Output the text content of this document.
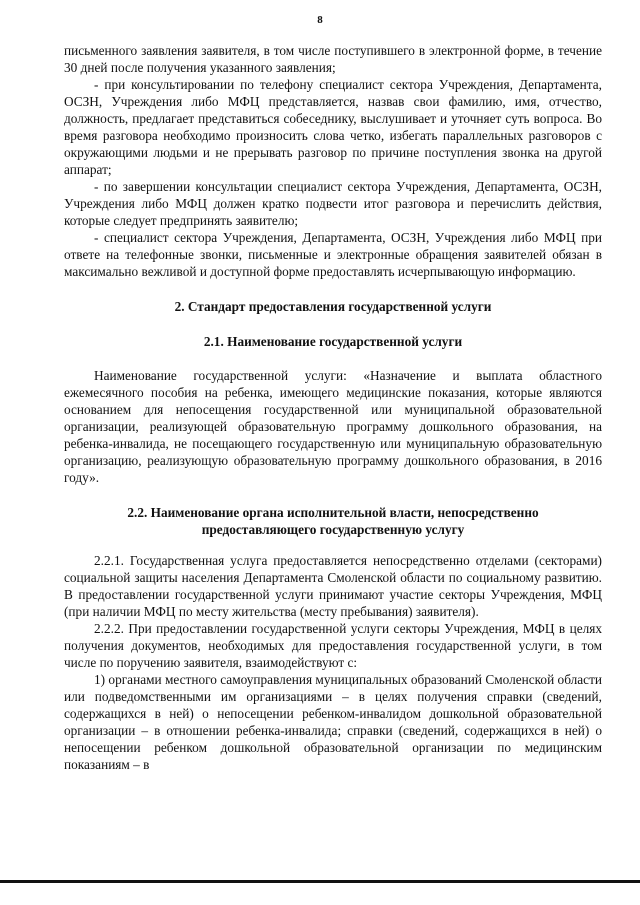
8

письменного заявления заявителя, в том числе поступившего в электронной форме, в течение 30 дней после получения указанного заявления;

- при консультировании по телефону специалист сектора Учреждения, Департамента, ОСЗН, Учреждения либо МФЦ представляется, назвав свои фамилию, имя, отчество, должность, предлагает представиться собеседнику, выслушивает и уточняет суть вопроса. Во время разговора необходимо произносить слова четко, избегать параллельных разговоров с окружающими людьми и не прерывать разговор по причине поступления звонка на другой аппарат;

- по завершении консультации специалист сектора Учреждения, Департамента, ОСЗН, Учреждения либо МФЦ должен кратко подвести итог разговора и перечислить действия, которые следует предпринять заявителю;

- специалист сектора Учреждения, Департамента, ОСЗН, Учреждения либо МФЦ при ответе на телефонные звонки, письменные и электронные обращения заявителей обязан в максимально вежливой и доступной форме предоставлять исчерпывающую информацию.

2. Стандарт предоставления государственной услуги

2.1. Наименование государственной услуги

Наименование государственной услуги: «Назначение и выплата областного ежемесячного пособия на ребенка, имеющего медицинские показания, которые являются основанием для непосещения государственной или муниципальной образовательной организации, реализующей образовательную программу дошкольного образования, на ребенка-инвалида, не посещающего государственную или муниципальную образовательную организацию, реализующую образовательную программу дошкольного образования, в 2016 году».

2.2. Наименование органа исполнительной власти, непосредственно

предоставляющего государственную услугу

2.2.1. Государственная услуга предоставляется непосредственно отделами (секторами) социальной защиты населения Департамента Смоленской области по социальному развитию. В предоставлении государственной услуги принимают участие секторы Учреждения, МФЦ (при наличии МФЦ по месту жительства (месту пребывания) заявителя).

2.2.2. При предоставлении государственной услуги секторы Учреждения, МФЦ в целях получения документов, необходимых для предоставления государственной услуги, в том числе по поручению заявителя, взаимодействуют с:

1) органами местного самоуправления муниципальных образований Смоленской области или подведомственными им организациями – в целях получения справки (сведений, содержащихся в ней) о непосещении ребенком-инвалидом дошкольной образовательной организации – в отношении ребенка-инвалида; справки (сведений, содержащихся в ней) о непосещении ребенком дошкольной образовательной организации по медицинским показаниям – в
